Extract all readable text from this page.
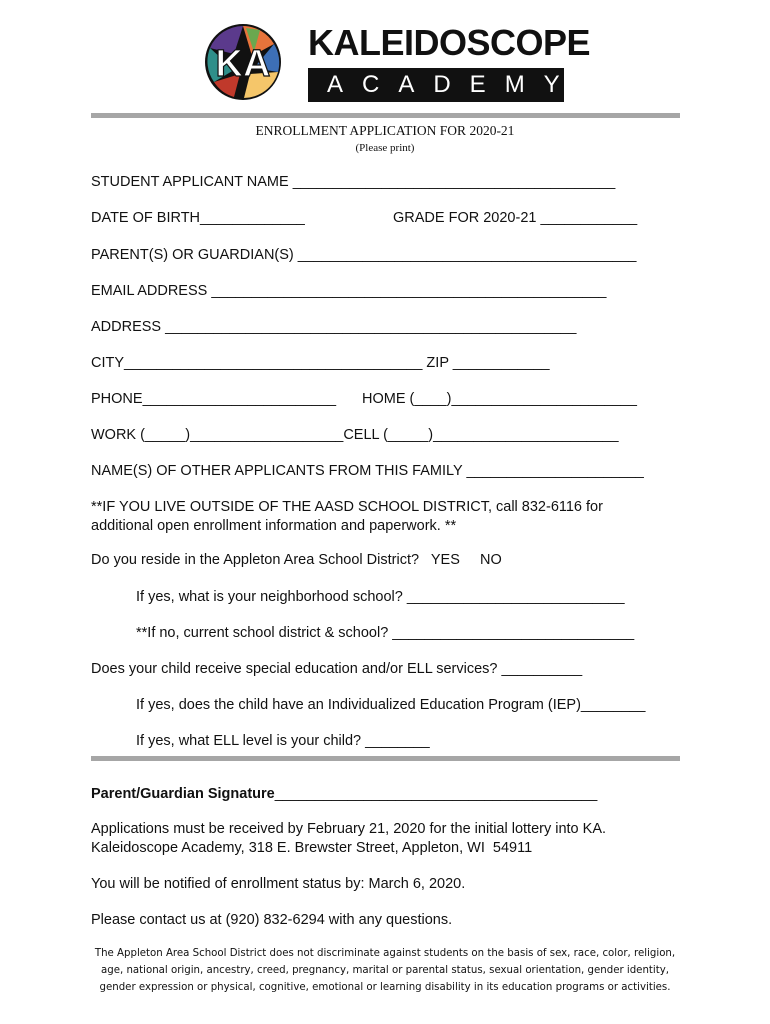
KA
KALEIDOSCOPE
ACADEMY
ENROLLMENT APPLICATION FOR 2020-21
(Please print)
STUDENT APPLICANT NAME ________________________________________
DATE OF BIRTH_____________	GRADE FOR 2020-21 ____________
PARENT(S) OR GUARDIAN(S) __________________________________________
EMAIL ADDRESS _________________________________________________
ADDRESS ___________________________________________________
CITY_____________________________________ ZIP ____________
PHONE________________________ HOME (____)_______________________
WORK (_____)___________________CELL (_____)_______________________
NAME(S) OF OTHER APPLICANTS FROM THIS FAMILY ______________________
**IF YOU LIVE OUTSIDE OF THE AASD SCHOOL DISTRICT, call 832-6116 for
additional open enrollment information and paperwork. **
Do you reside in the Appleton Area School District?   YES     NO
If yes, what is your neighborhood school? ___________________________
**If no, current school district & school? ______________________________
Does your child receive special education and/or ELL services? __________
If yes, does the child have an Individualized Education Program (IEP)________
If yes, what ELL level is your child? ________
Parent/Guardian Signature________________________________________
Applications must be received by February 21, 2020 for the initial lottery into KA.
Kaleidoscope Academy, 318 E. Brewster Street, Appleton, WI  54911
You will be notified of enrollment status by: March 6, 2020.
Please contact us at (920) 832-6294 with any questions.
The Appleton Area School District does not discriminate against students on the basis of sex, race, color, religion,
age, national origin, ancestry, creed, pregnancy, marital or parental status, sexual orientation, gender identity,
gender expression or physical, cognitive, emotional or learning disability in its education programs or activities.
